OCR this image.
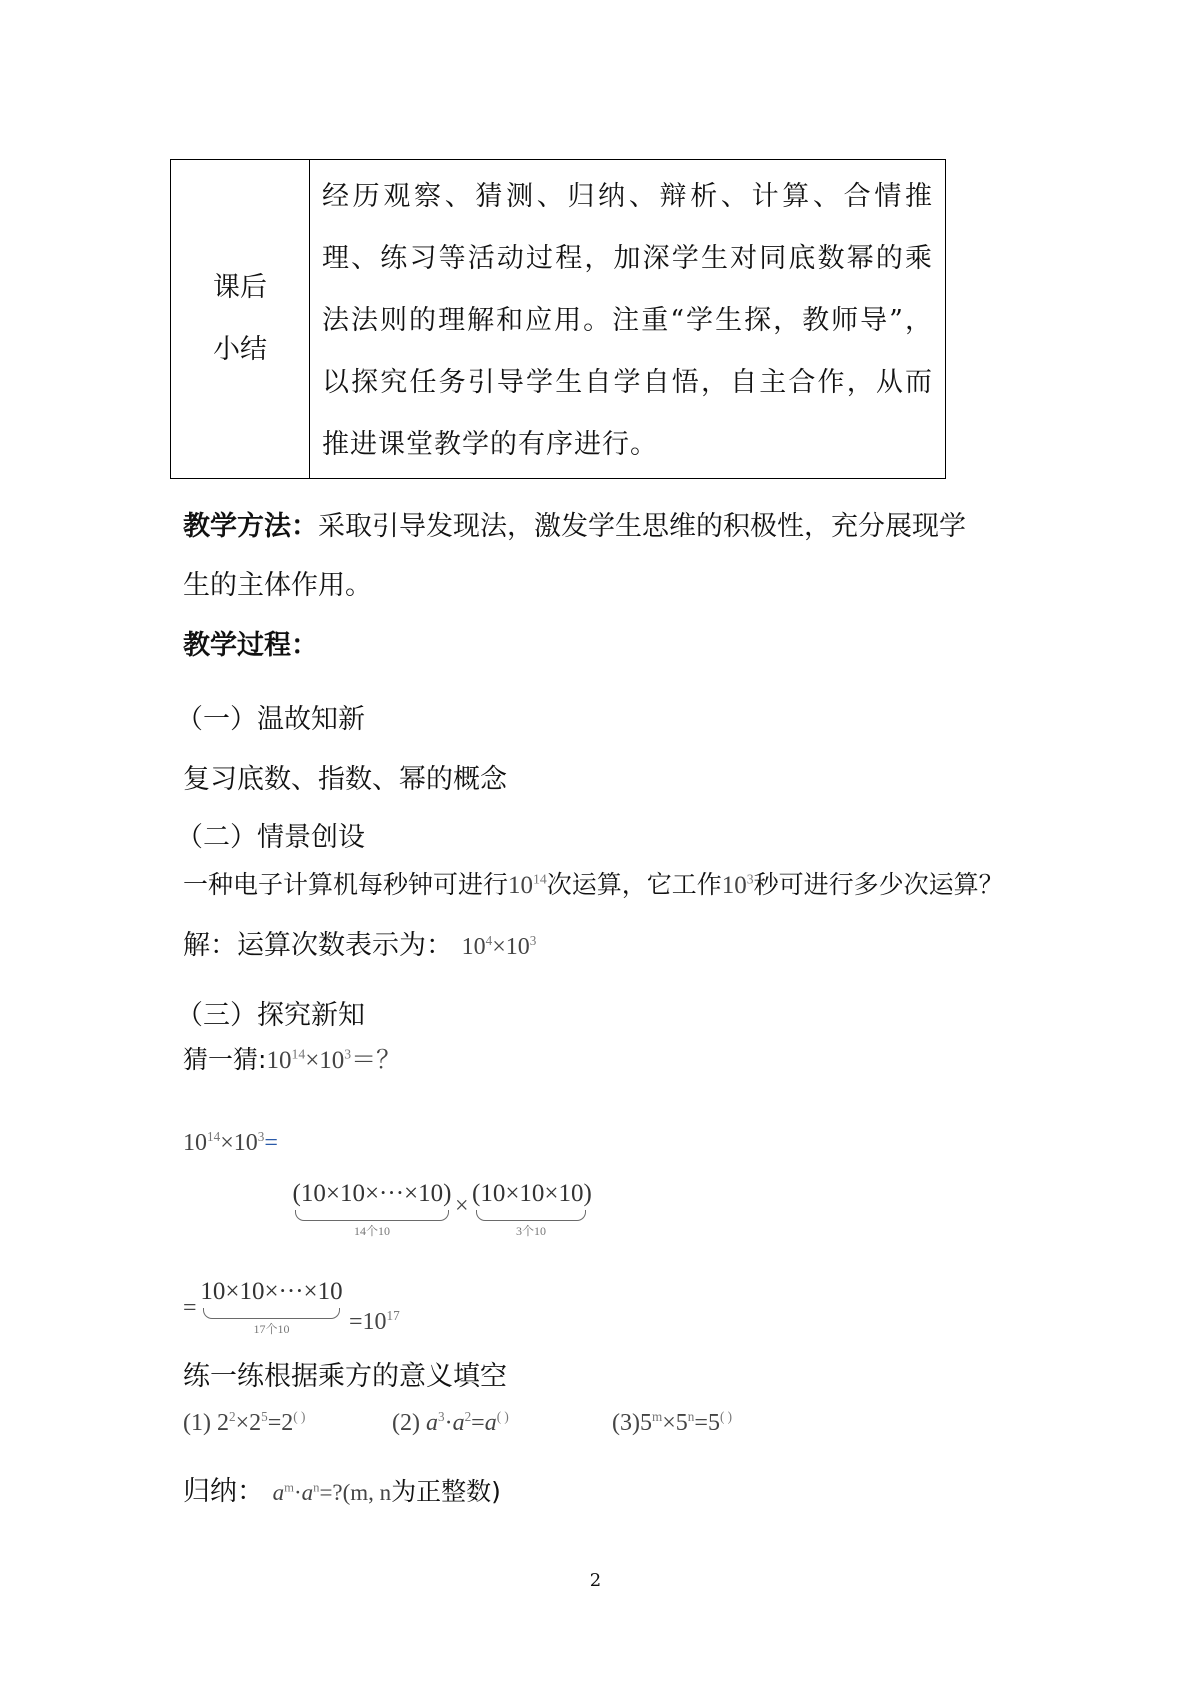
课后
小结
	经历观察、猜测、归纳、辩析、计算、合情推理、练习等活动过程，加深学生对同底数幂的乘法法则的理解和应用。注重“学生探，教师导”，以探究任务引导学生自学自悟，自主合作，从而推进课堂教学的有序进行。
教学方法：采取引导发现法，激发学生思维的积极性，充分展现学
生的主体作用。
教学过程：
（一）温故知新
复习底数、指数、幂的概念
（二）情景创设
一种电子计算机每秒钟可进行$10^{14}$次运算，它工作$10^3$秒可进行多少次运算？
解：运算次数表示为： $10^4\times 10^3$
（三）探究新知
猜一猜$:10^{14}\times 10^3=$？
$10^{14}\times 10^3=$
(10×10×···×10)
14个10
× (10×10×10)
3个10
=
10×10×···×10
17个10	$=10^{17}$
练一练根据乘方的意义填空
(1) $2^2\times 2^5=2^{( )}$	(2) $a^3\cdot a^2=a^{( )}$	$(3)5^m\times 5^n=5^{( )}$
归纳： $a^m\cdot a^n=?(m$, n为正整数)
2
